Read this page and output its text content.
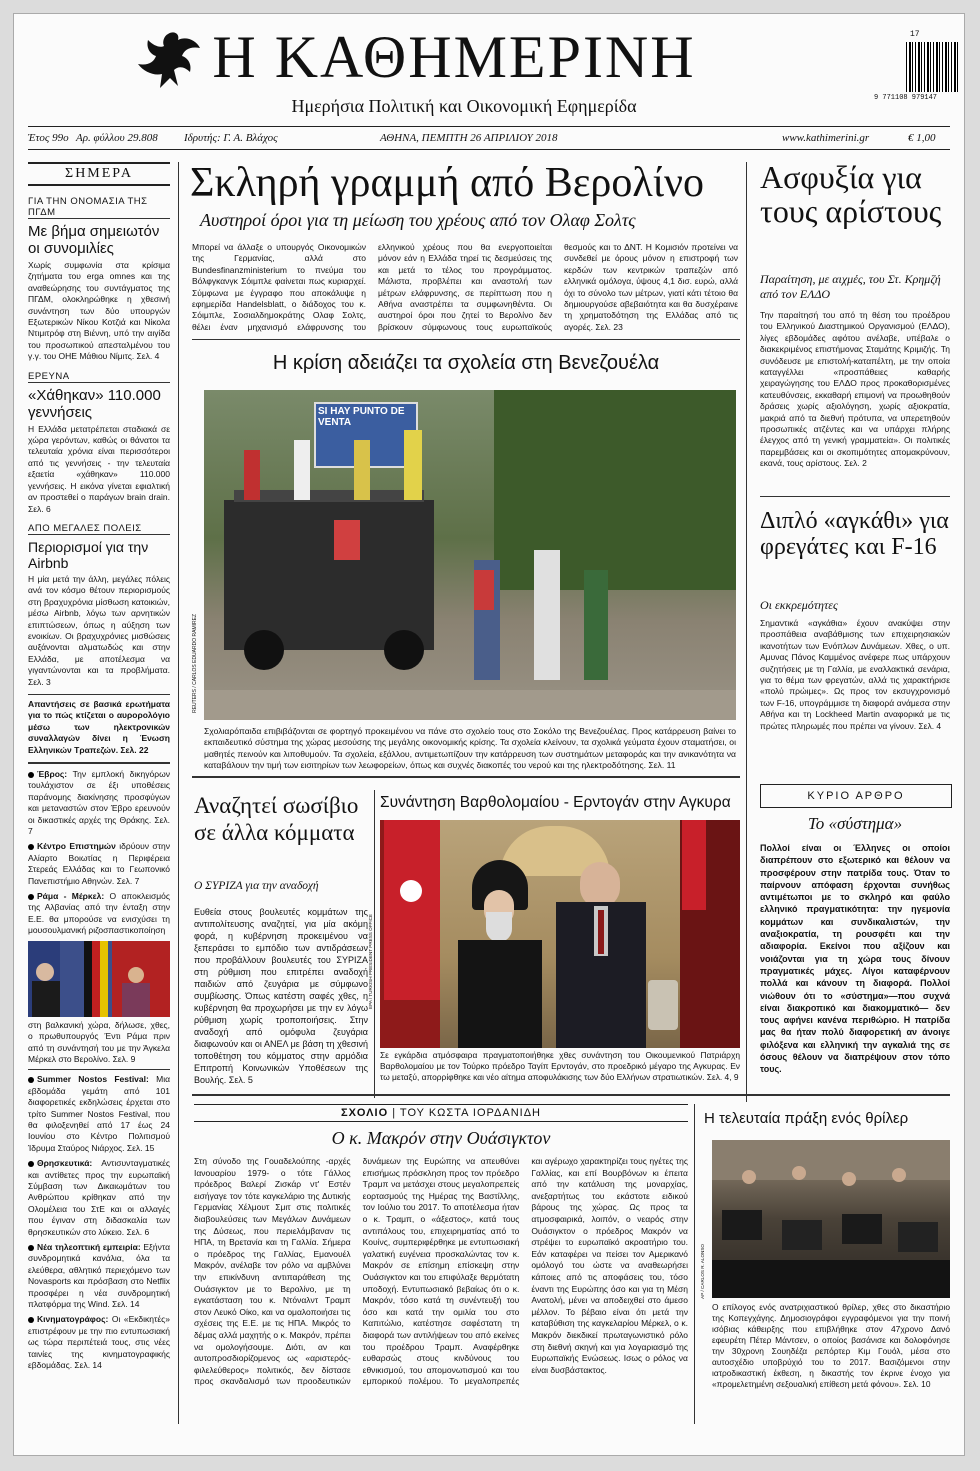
Η ΚΑΘΗΜΕΡΙΝΗ
Ημερήσια Πολιτική και Οικονομική Εφημερίδα
17
9 771108 979147
Έτος 99ο Αρ. φύλλου 29.808 Ιδρυτής: Γ. Α. Βλάχος	ΑΘΗΝΑ, ΠΕΜΠΤΗ 26 ΑΠΡΙΛΙΟΥ 2018	www.kathimerini.gr	€ 1,00
ΣΗΜΕΡΑ
ΓΙΑ ΤΗΝ ΟΝΟΜΑΣΙΑ ΤΗΣ ΠΓΔΜ
Με βήμα σημειωτόν οι συνομιλίες
Χωρίς συμφωνία στα κρίσιμα ζητήματα του erga omnes και της αναθεώρησης του συντάγματος της ΠΓΔΜ, ολοκληρώθηκε η χθεσινή συνάντηση των δύο υπουργών Εξωτερικών Νίκου Κοτζιά και Νίκολα Ντιμιτρόφ στη Βιέννη, υπό την αιγίδα του προσωπικού απεσταλμένου του γ.γ. του ΟΗΕ Μάθιου Νίμιτς. Σελ. 4
ΕΡΕΥΝΑ
«Χάθηκαν» 110.000 γεννήσεις
Η Ελλάδα μετατρέπεται σταδιακά σε χώρα γερόντων, καθώς οι θάνατοι τα τελευταία χρόνια είναι περισσότεροι από τις γεννήσεις - την τελευταία εξαετία «χάθηκαν» 110.000 γεννήσεις. Η εικόνα γίνεται εφιαλτική αν προστεθεί ο παράγων brain drain. Σελ. 6
ΑΠΟ ΜΕΓΑΛΕΣ ΠΟΛΕΙΣ
Περιορισμοί για την Airbnb
Η μία μετά την άλλη, μεγάλες πόλεις ανά τον κόσμο θέτουν περιορισμούς στη βραχυχρόνια μίσθωση κατοικιών, μέσω Airbnb, λόγω των αρνητικών επιπτώσεων, όπως η αύξηση των ενοικίων. Οι βραχυχρόνιες μισθώσεις αυξάνονται αλματωδώς και στην Ελλάδα, με αποτέλεσμα να γιγαντώνονται και τα προβλήματα. Σελ. 3
Απαντήσεις σε βασικά ερωτήματα για το πώς κτίζεται ο αυρορολόγιο μέσω των ηλεκτρονικών συναλλαγών δίνει η Ένωση Ελληνικών Τραπεζών. Σελ. 22
Έβρος: Την εμπλοκή δικηγόρων τουλάχιστον σε έξι υποθέσεις παράνομης διακίνησης προσφύγων και μεταναστών στον Έβρο ερευνούν οι δικαστικές αρχές της Θράκης. Σελ. 7
Κέντρο Επιστημών ιδρύουν στην Αλίαρτο Βοιωτίας η Περιφέρεια Στερεάς Ελλάδας και το Γεωπονικό Πανεπιστήμιο Αθηνών. Σελ. 7
Ράμα - Μέρκελ: Ο αποκλεισμός της Αλβανίας από την ένταξη στην Ε.Ε. θα μπορούσε να ενισχύσει τη μουσουλμανική ριζοσπαστικοποίηση
στη βαλκανική χώρα, δήλωσε, χθες, ο πρωθυπουργός Έντι Ράμα πριν από τη συνάντησή του με την Άγκελα Μέρκελ στο Βερολίνο. Σελ. 9
Summer Nostos Festival: Μια εβδομάδα γεμάτη από 101 διαφορετικές εκδηλώσεις έρχεται στο τρίτο Summer Nostos Festival, που θα φιλοξενηθεί από 17 έως 24 Ιουνίου στο Κέντρο Πολιτισμού Ίδρυμα Σταύρος Νιάρχος. Σελ. 15
Θρησκευτικά: Αντισυνταγματικές και αντίθετες προς την ευρωπαϊκή Σύμβαση των Δικαιωμάτων του Ανθρώπου κρίθηκαν από την Ολομέλεια του ΣτΕ και οι αλλαγές που έγιναν στη διδασκαλία των θρησκευτικών στο λύκειο. Σελ. 6
Νέα τηλεοπτική εμπειρία: Εξήντα συνδρομητικά κανάλια, όλα τα ελεύθερα, αθλητικό περιεχόμενο των Novasports και πρόσβαση στο Netflix προσφέρει η νέα συνδρομητική πλατφόρμα της Wind. Σελ. 14
Κινηματογράφος: Οι «Εκδικητές» επιστρέφουν με την πιο εντυπωσιακή ως τώρα περιπέτειά τους, στις νέες ταινίες της κινηματογραφικής εβδομάδας. Σελ. 14
Σκληρή γραμμή από Βερολίνο
Αυστηροί όροι για τη μείωση του χρέους από τον Ολαφ Σολτς
Μπορεί να άλλαξε ο υπουργός Οικονομικών της Γερμανίας, αλλά στο Bundesfinanzministerium το πνεύμα του Βόλφγκανγκ Σόιμπλε φαίνεται πως κυριαρχεί. Σύμφωνα με έγγραφο που αποκάλυψε η εφημερίδα Handelsblatt, ο διάδοχος του κ. Σόιμπλε, Σοσιαλδημοκράτης Ολαφ Σολτς, θέλει έναν μηχανισμό ελάφρυνσης του ελληνικού χρέους που θα ενεργοποιείται μόνον εάν η Ελλάδα τηρεί τις δεσμεύσεις της και μετά το τέλος του προγράμματος. Μάλιστα, προβλέπει και αναστολή των μέτρων ελάφρυνσης, σε περίπτωση που η Αθήνα αναστρέπει τα συμφωνηθέντα. Οι αυστηροί όροι που ζητεί το Βερολίνο δεν βρίσκουν σύμφωνους τους ευρωπαϊκούς θεσμούς και το ΔΝΤ. Η Κομισιόν προτείνει να συνδεθεί με όρους μόνον η επιστροφή των κερδών των κεντρικών τραπεζών από ελληνικά ομόλογα, ύψους 4,1 δισ. ευρώ, αλλά όχι το σύνολο των μέτρων, γιατί κάτι τέτοιο θα δημιουργούσε αβεβαιότητα και θα δυσχέραινε τη χρηματοδότηση της Ελλάδας από τις αγορές. Σελ. 23
Η κρίση αδειάζει τα σχολεία στη Βενεζουέλα
SI HAY PUNTO DE VENTA
REUTERS / CARLOS EDUARDO RAMIREZ
Σχολιαρόπαιδα επιβιβάζονται σε φορτηγό προκειμένου να πάνε στο σχολείο τους στο Σοκόλο της Βενεζουέλας. Προς κατάρρευση βαίνει το εκπαιδευτικό σύστημα της χώρας μεσούσης της μεγάλης οικονομικής κρίσης. Τα σχολεία κλείνουν, τα σχολικά γεύματα έχουν σταματήσει, οι μαθητές πεινούν και λιποθυμούν. Τα σχολεία, εξάλλου, αντιμετωπίζουν την κατάρρευση των συστημάτων μεταφοράς και την ανικανότητα να καταβάλουν την τιμή των εισιτηρίων των λεωφορείων, όπως και συχνές διακοπές του νερού και της ηλεκτροδότησης. Σελ. 11
Ασφυξία για τους αρίστους
Παραίτηση, με αιχμές, του Στ. Κρημζή από τον ΕΛΔΟ
Την παραίτησή του από τη θέση του προέδρου του Ελληνικού Διαστημικού Οργανισμού (ΕΛΔΟ), λίγες εβδομάδες αφότου ανέλαβε, υπέβαλε ο διακεκριμένος επιστήμονας Σταμάτης Κριμιζής. Τη συνόδευσε με επιστολή-καταπέλτη, με την οποία καταγγέλλει «προσπάθειες καθαρής χειραγώγησης του ΕΛΔΟ προς προκαθορισμένες κατευθύνσεις, εκκαθαρή επιμονή να προωθηθούν δράσεις χωρίς αξιολόγηση, χωρίς αξιοκρατία, μακριά από τα διεθνή πρότυπα, να υπερετηθούν προσωπικές ατζέντες και να υπάρχει πλήρης έλεγχος από τη γενική γραμματεία». Οι πολιτικές παρεμβάσεις και οι σκοπιμότητες απομακρύνουν, εκανά, τους αρίστους. Σελ. 2
Διπλό «αγκάθι» για φρεγάτες και F-16
Οι εκκρεμότητες
Σημαντικά «αγκάθια» έχουν ανακύψει στην προσπάθεια αναβάθμισης των επιχειρησιακών ικανοτήτων των Ενόπλων Δυνάμεων. Χθες, ο υπ. Αμυνας Πάνος Καμμένος ανέφερε πως υπάρχουν συζητήσεις με τη Γαλλία, με εναλλακτικά σενάρια, για το θέμα των φρεγατών, αλλά τις χαρακτήρισε «πολύ πρώιμες». Ως προς τον εκσυγχρονισμό των F-16, υπογράμμισε τη διαφορά ανάμεσα στην Αθήνα και τη Lockheed Martin αναφορικά με τις πρώτες πληρωμές που πρέπει να γίνουν. Σελ. 4
ΚΥΡΙΟ ΑΡΘΡΟ
Το «σύστημα»
Πολλοί είναι οι Έλληνες οι οποίοι διαπρέπουν στο εξωτερικό και θέλουν να προσφέρουν στην πατρίδα τους. Όταν το παίρνουν απόφαση έρχονται συνήθως αντιμέτωποι με το σκληρό και φαύλο ελληνικό πραγματικότητα: την ηγεμονία κομμάτων και συνδικαλιστών, την αναξιοκρατία, τη ρουσφέτι και την αδιαφορία. Εκείνοι που αξίζουν και νοιάζονται για τη χώρα τους δίνουν πραγματικές μάχες. Λίγοι καταφέρνουν πολλά και κάνουν τη διαφορά. Πολλοί νιώθουν ότι το «σύστημα»—που συχνά είναι διακροπικό και διακομματικό— δεν τους αφήνει κανένα περιθώριο. Η πατρίδα μας θα ήταν πολύ διαφορετική αν άνοιγε φιλόξενα και ελληνική την αγκαλιά της σε όσους θέλουν να διαπρέψουν στον τόπο τους.
Αναζητεί σωσίβιο σε άλλα κόμματα
Ο ΣΥΡΙΖΑ για την αναδοχή
Ευθεία στους βουλευτές κομμάτων της αντιπολίτευσης αναζητεί, για μία ακόμη φορά, η κυβέρνηση προκειμένου να ξεπεράσει το εμπόδιο των αντιδράσεων που προβάλλουν βουλευτές του ΣΥΡΙΖΑ στη ρύθμιση που επιτρέπει αναδοχή παιδιών από ζευγάρια με σύμφωνο συμβίωσης. Όπως κατέστη σαφές χθες, η κυβέρνηση θα προχωρήσει με την εν λόγω ρύθμιση χωρίς τροποποιήσεις. Στην αναδοχή από ομόφυλα ζευγάρια διαφωνούν και οι ΑΝΕΛ με βάση τη χθεσινή τοποθέτηση του κόμματος στην αρμόδια Επιτροπή Κοινωνικών Υποθέσεων της Βουλής. Σελ. 5
Συνάντηση Βαρθολομαίου - Ερντογάν στην Αγκυρα
EPA / TURKISH PRESIDENT PRESS OFFICE
Σε εγκάρδια ατμόσφαιρα πραγματοποιήθηκε χθες συνάντηση του Οικουμενικού Πατριάρχη Βαρθολομαίου με τον Τούρκο πρόεδρο Ταγίπ Ερντογάν, στο προεδρικό μέγαρο της Αγκυρας. Εν τω μεταξύ, απορρίφθηκε και νέο αίτημα αποφυλάκισης των δύο Ελλήνων στρατιωτικών. Σελ. 4, 9
ΣΧΟΛΙΟ | ΤΟΥ ΚΩΣΤΑ ΙΟΡΔΑΝΙΔΗ
Ο κ. Μακρόν στην Ουάσιγκτον
Στη σύνοδο της Γουαδελούπης -αρχές Ιανουαρίου 1979- ο τότε Γάλλος πρόεδρος Βαλερί Ζισκάρ ντ' Εστέν εισήγαγε τον τότε καγκελάριο της Δυτικής Γερμανίας Χέλμουτ Σμιτ στις πολιτικές διαβουλεύσεις των Μεγάλων Δυνάμεων της Δύσεως, που περιελάμβαναν τις ΗΠΑ, τη Βρετανία και τη Γαλλία. Σήμερα ο πρόεδρος της Γαλλίας, Εμανουέλ Μακρόν, ανέλαβε τον ρόλο να αμβλύνει την επικίνδυνη αντιπαράθεση της Ουάσιγκτον με το Βερολίνο, με τη εγκατάσταση του κ. Ντόναλντ Τραμπ στον Λευκό Οίκο, και να ομαλοποιήσει τις σχέσεις της Ε.Ε. με τις ΗΠΑ. Μικρός το δέμας αλλά μαχητής ο κ. Μακρόν, πρέπει να ομολογήσουμε. Διότι, αν και αυτοπροσδιορίζομενος ως «αριστερός-φιλελεύθερος» πολιτικός, δεν δίστασε προς σκανδαλισμό των προοδευτικών δυνάμεων της Ευρώπης να απευθύνει επισήμως πρόσκληση προς τον πρόεδρο Τραμπ να μετάσχει στους μεγαλοπρεπείς εορτασμούς της Ημέρας της Βαστίλλης, τον Ιούλιο του 2017. Το αποτέλεσμα ήταν ο κ. Τραμπ, ο «άξεστος», κατά τους αντιπάλους του, επιχειρηματίας από το Κουίνς, συμπεριφέρθηκε με εντυπωσιακή γαλατική ευγένεια προσκαλώντας τον κ. Μακρόν σε επίσημη επίσκεψη στην Ουάσιγκτον και του επιφύλαξε θερμότατη υποδοχή. Εντυπωσιακό βεβαίως ότι ο κ. Μακρόν, τόσο κατά τη συνέντευξή του όσο και κατά την ομιλία του στο Καπιτώλιο, κατέστησε σαφέστατη τη διαφορά των αντιλήψεων του από εκείνες του προέδρου Τραμπ. Αναφέρθηκε ευθαρσώς στους κινδύνους του εθνικισμού, του απομονωτισμού και του εμπορικού πολέμου. Το μεγαλοπρεπές και αγέρωχο χαρακτηρίζει τους ηγέτες της Γαλλίας, και επί Βουρβόνων κι έπειτα από την κατάλυση της μοναρχίας, ανεξαρτήτως του εκάστοτε ειδικού βάρους της χώρας. Ως προς τα ατμοσφαιρικά, λοιπόν, ο νεαρός στην Ουάσιγκτον ο πρόεδρος Μακρόν να στρέψει το ευρωπαϊκό ακροατήριο του. Εάν καταφέρει να πείσει τον Αμερικανό ομόλογό του ώστε να αναθεωρήσει κάποιες από τις αποφάσεις του, τόσο έναντι της Ευρώπης όσο και για τη Μέση Ανατολή, μένει να αποδειχθεί στο άμεσο μέλλον. Το βέβαιο είναι ότι μετά την καταβύθιση της καγκελαρίου Μέρκελ, ο κ. Μακρόν διεκδικεί πρωταγωνιστικό ρόλο στη διεθνή σκηνή και για λογαριασμό της Ευρωπαϊκής Ενώσεως. Ισως ο ρόλος να είναι δυσβάστακτος.
Η τελευταία πράξη ενός θρίλερ
AP / CARLOS R. ALONSO
Ο επίλογος ενός ανατριχιαστικού θρίλερ, χθες στο δικαστήριο της Κοπεγχάγης. Δημοσιογράφοι εγγραφόμενοι για την ποινή ισόβιας κάθειρξης που επιβλήθηκε στον 47χρονο Δανό εφευρέτη Πέτερ Μάντσεν, ο οποίος βασάνισε και δολοφόνησε την 30χρονη Σουηδέζα ρεπόρτερ Κιμ Γουόλ, μέσα στο αυτοσχέδιο υποβρύχιό του το 2017. Βασιζόμενοι στην ιατροδικαστική έκθεση, η δικαστής τον έκρινε ένοχο για «προμελετημένη σεξουαλική επίθεση μετά φόνου». Σελ. 10
